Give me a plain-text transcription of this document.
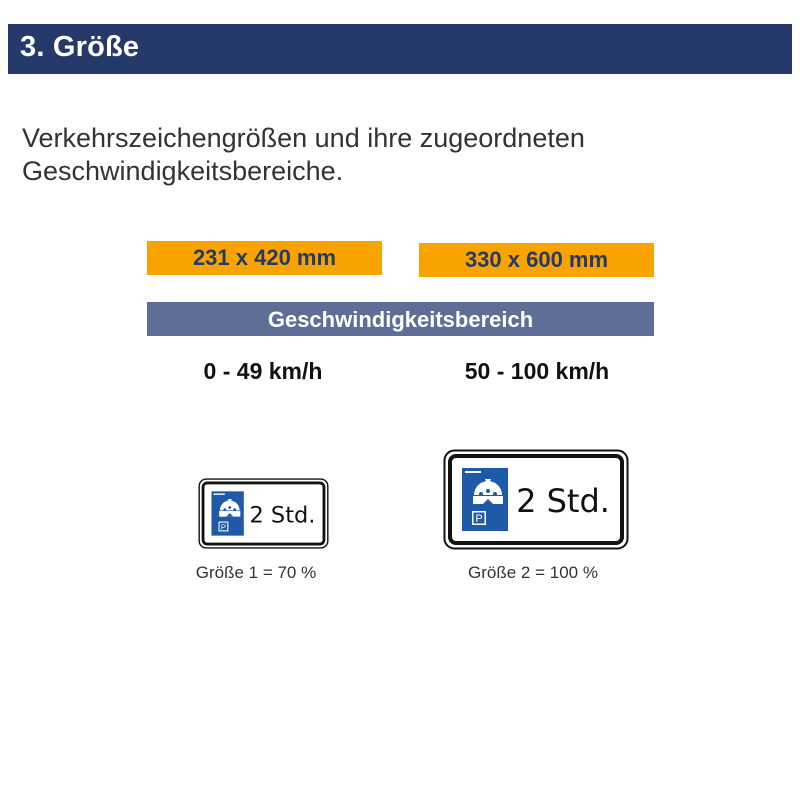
3. Größe
Verkehrszeichengrößen und ihre zugeordneten
Geschwindigkeitsbereiche.
231 x 420 mm	330 x 600 mm
Geschwindigkeitsbereich
0 - 49 km/h	50 - 100 km/h
P 2 Std.	P 2 Std.
Größe 1 = 70 %	Größe 2 = 100 %
